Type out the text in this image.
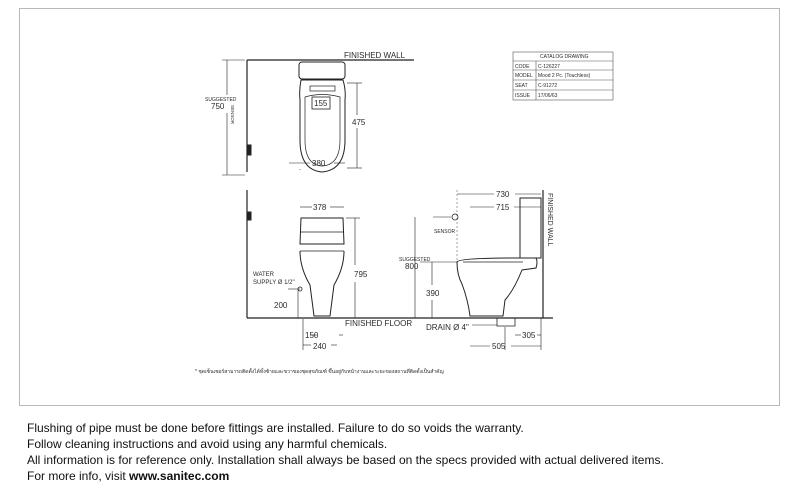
FINISHED WALL
SUGGESTED
750	155
475
380
SENSOR
378
795
WATER
SUPPLY Ø 1/2"
200
FINISHED FLOOR
150
240
SENSOR
SUGGESTED
800
390
DRAIN Ø 4"
730
715
305
505
FINISHED WALL
* ชุดเซ็นเซอร์สามารถติดตั้งได้ทั้งซ้ายและขวาของชุดสุขภัณฑ์ ขึ้นอยู่กับหน้างานและระยะของสถานที่ติดตั้งเป็นสำคัญ
CATALOG DRAWING
CODE C-126227
MODEL Mood 2 Pc. (Touchless)
SEAT C-91272
ISSUE 17/06/63
Flushing of pipe must be done before fittings are installed. Failure to do so voids the warranty.
Follow cleaning instructions and avoid using any harmful chemicals.
All information is for reference only. Installation shall always be based on the specs provided with actual delivered items.
For more info, visit www.sanitec.com
